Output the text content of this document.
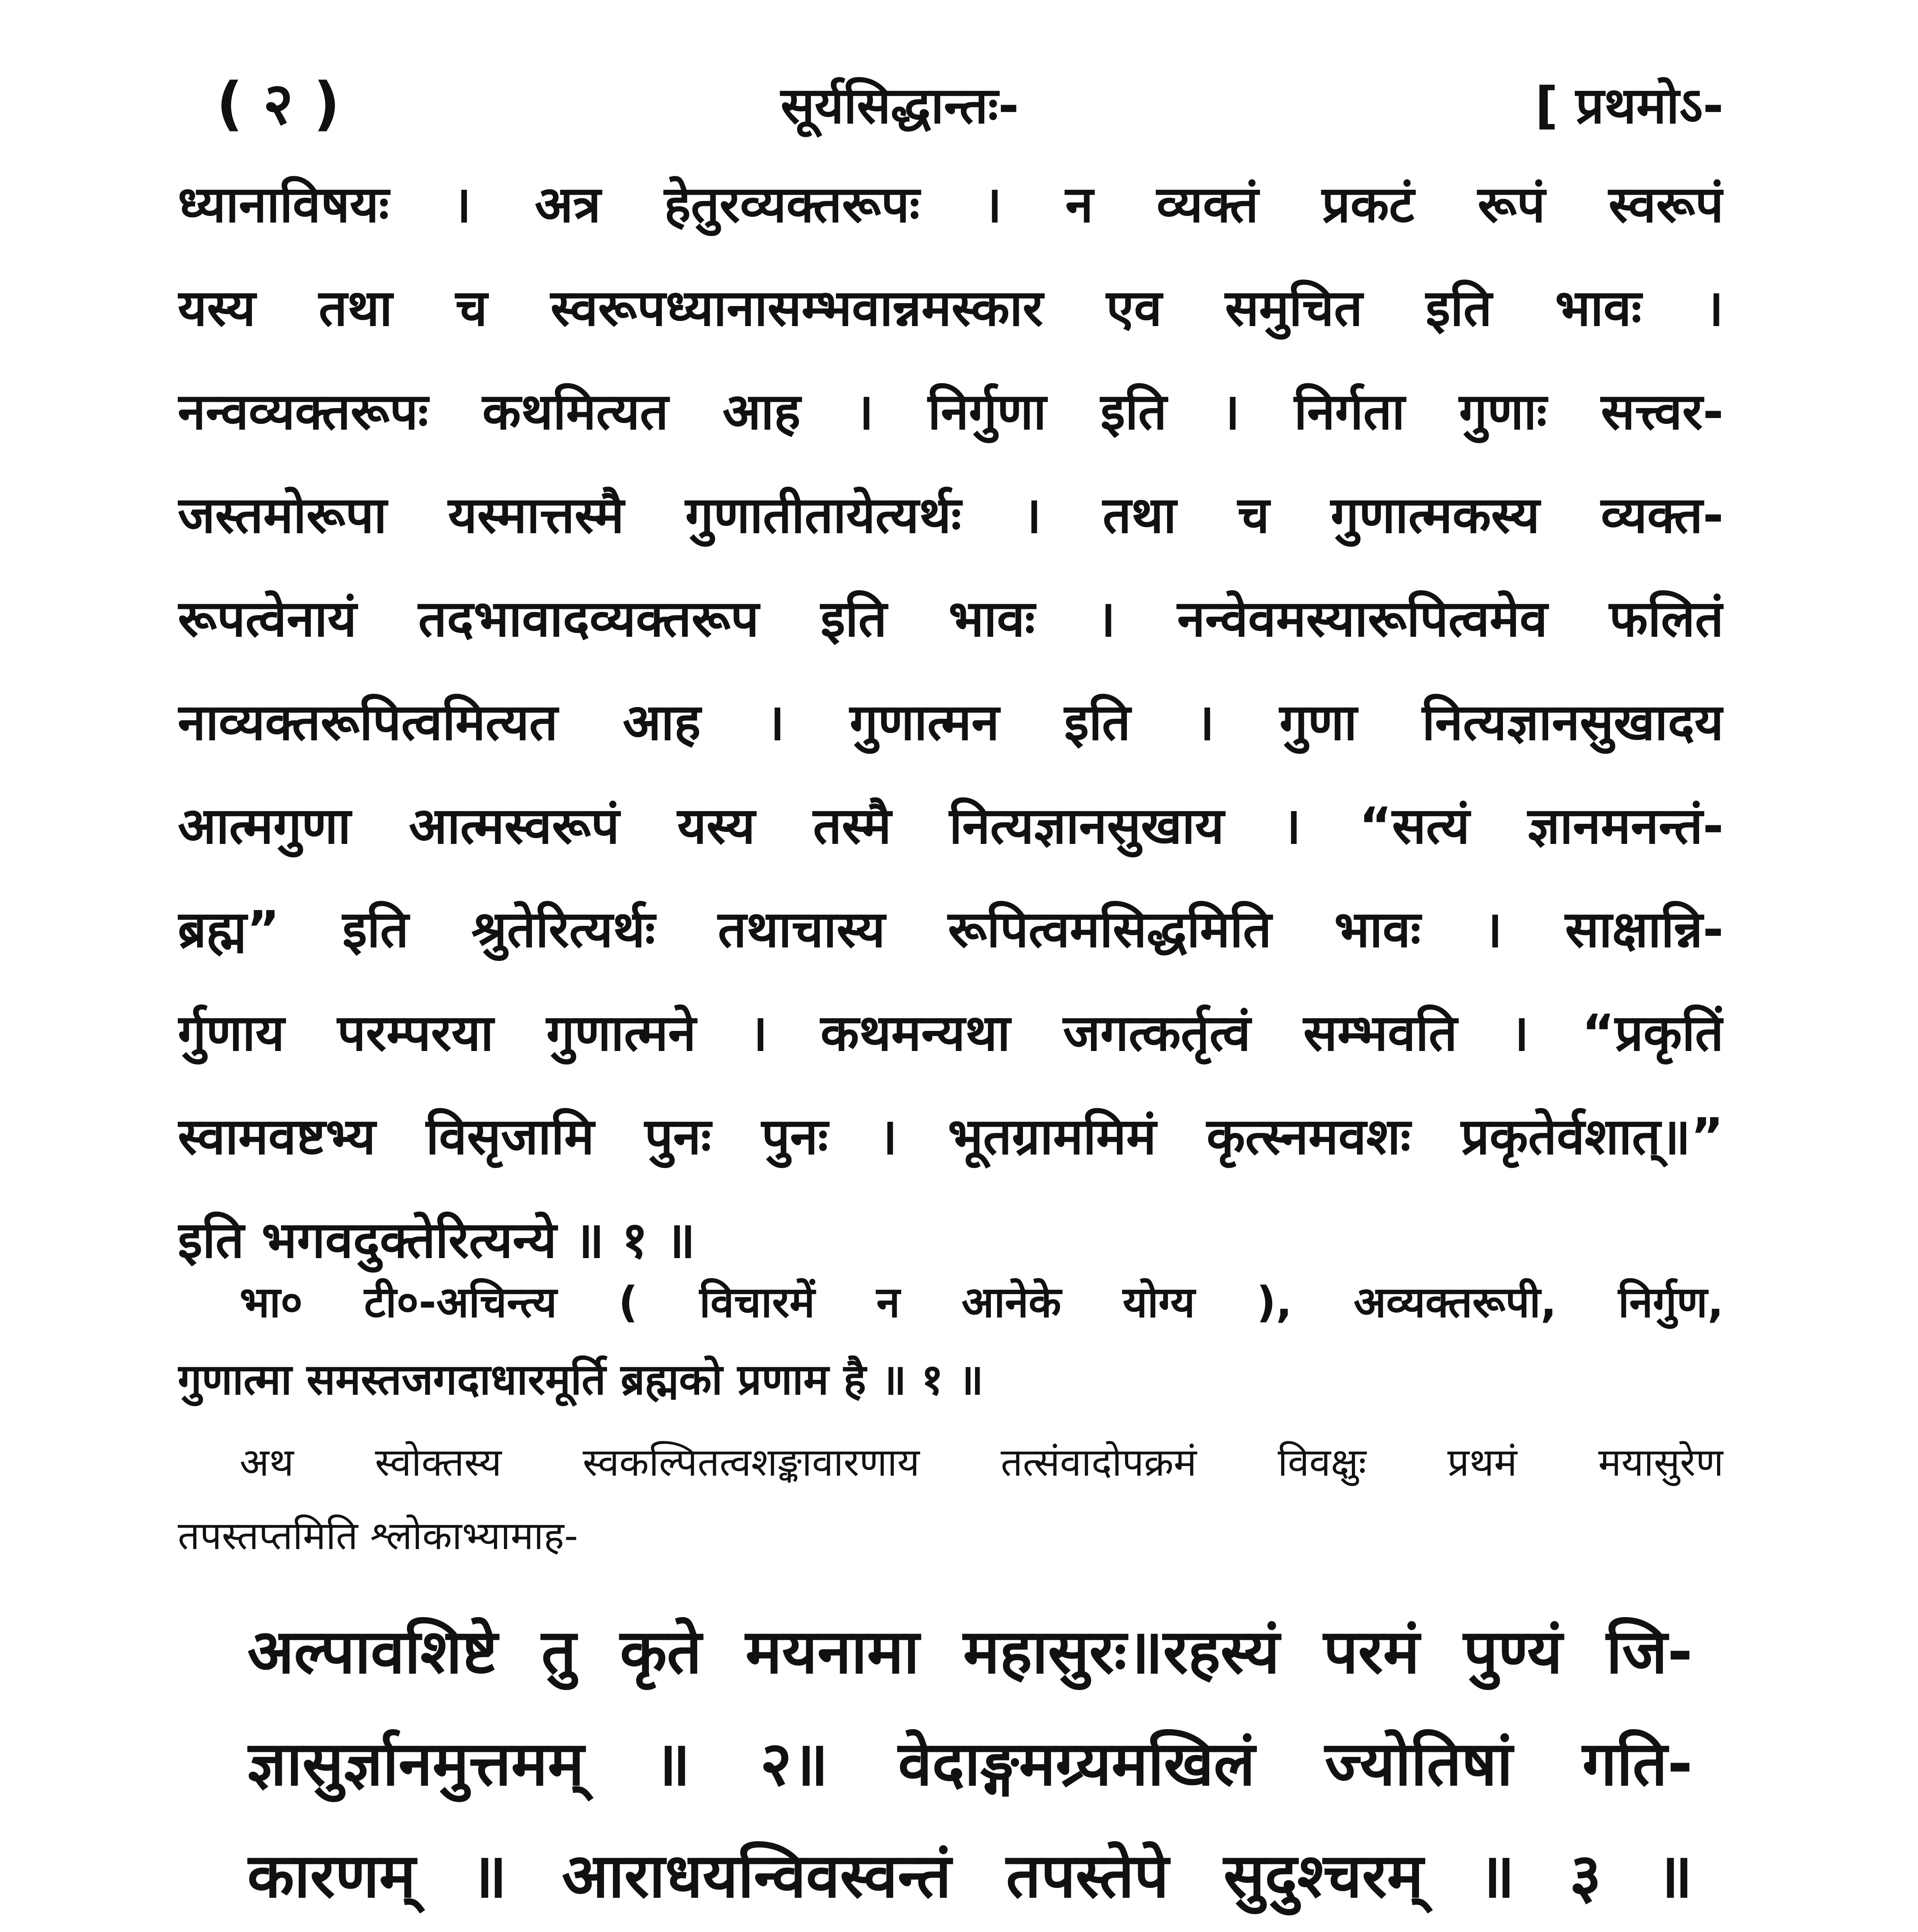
( २ )	सूर्यसिद्धान्तः-	[ प्रथमोऽ-
ध्यानाविषयः । अत्र हेतुरव्यक्तरूपः । न व्यक्तं प्रकटं रूपं स्वरूपं
यस्य तथा च स्वरूपध्यानासम्भवान्नमस्कार एव समुचित इति भावः ।
नन्वव्यक्तरूपः कथमित्यत आह । निर्गुणा इति । निर्गता गुणाः सत्त्वर-
जस्तमोरूपा यस्मात्तस्मै गुणातीतायेत्यर्थः । तथा च गुणात्मकस्य व्यक्त-
रूपत्वेनायं तदभावादव्यक्तरूप इति भावः । नन्वेवमस्यारूपित्वमेव फलितं
नाव्यक्तरूपित्वमित्यत आह । गुणात्मन इति । गुणा नित्यज्ञानसुखादय
आत्मगुणा आत्मस्वरूपं यस्य तस्मै नित्यज्ञानसुखाय । “सत्यं ज्ञानमनन्तं-
ब्रह्म” इति श्रुतेरित्यर्थः तथाचास्य रूपित्वमसिद्धमिति भावः । साक्षान्नि-
र्गुणाय परम्परया गुणात्मने । कथमन्यथा जगत्कर्तृत्वं सम्भवति । “प्रकृतिं
स्वामवष्टभ्य विसृजामि पुनः पुनः । भूतग्राममिमं कृत्स्नमवशः प्रकृतेर्वशात्॥”
इति भगवदुक्तेरित्यन्ये ॥ १ ॥
भा० टी०-अचिन्त्य ( विचारमें न आनेके योग्य ), अव्यक्तरूपी, निर्गुण,
गुणात्मा समस्तजगदाधारमूर्ति ब्रह्मको प्रणाम है ॥ १ ॥
अथ स्वोक्तस्य स्वकल्पितत्वशङ्कावारणाय तत्संवादोपक्रमं विवक्षुः प्रथमं मयासुरेण
तपस्तप्तमिति श्लोकाभ्यामाह-
अल्पावशिष्टे तु कृते मयनामा महासुरः॥रहस्यं परमं पुण्यं जि-
ज्ञासुर्ज्ञानमुत्तमम् ॥ २॥ वेदाङ्गमग्र्यमखिलं ज्योतिषां गति-
कारणम् ॥ आराधयन्विवस्वन्तं तपस्तेपे सुदुश्चरम् ॥ ३ ॥
